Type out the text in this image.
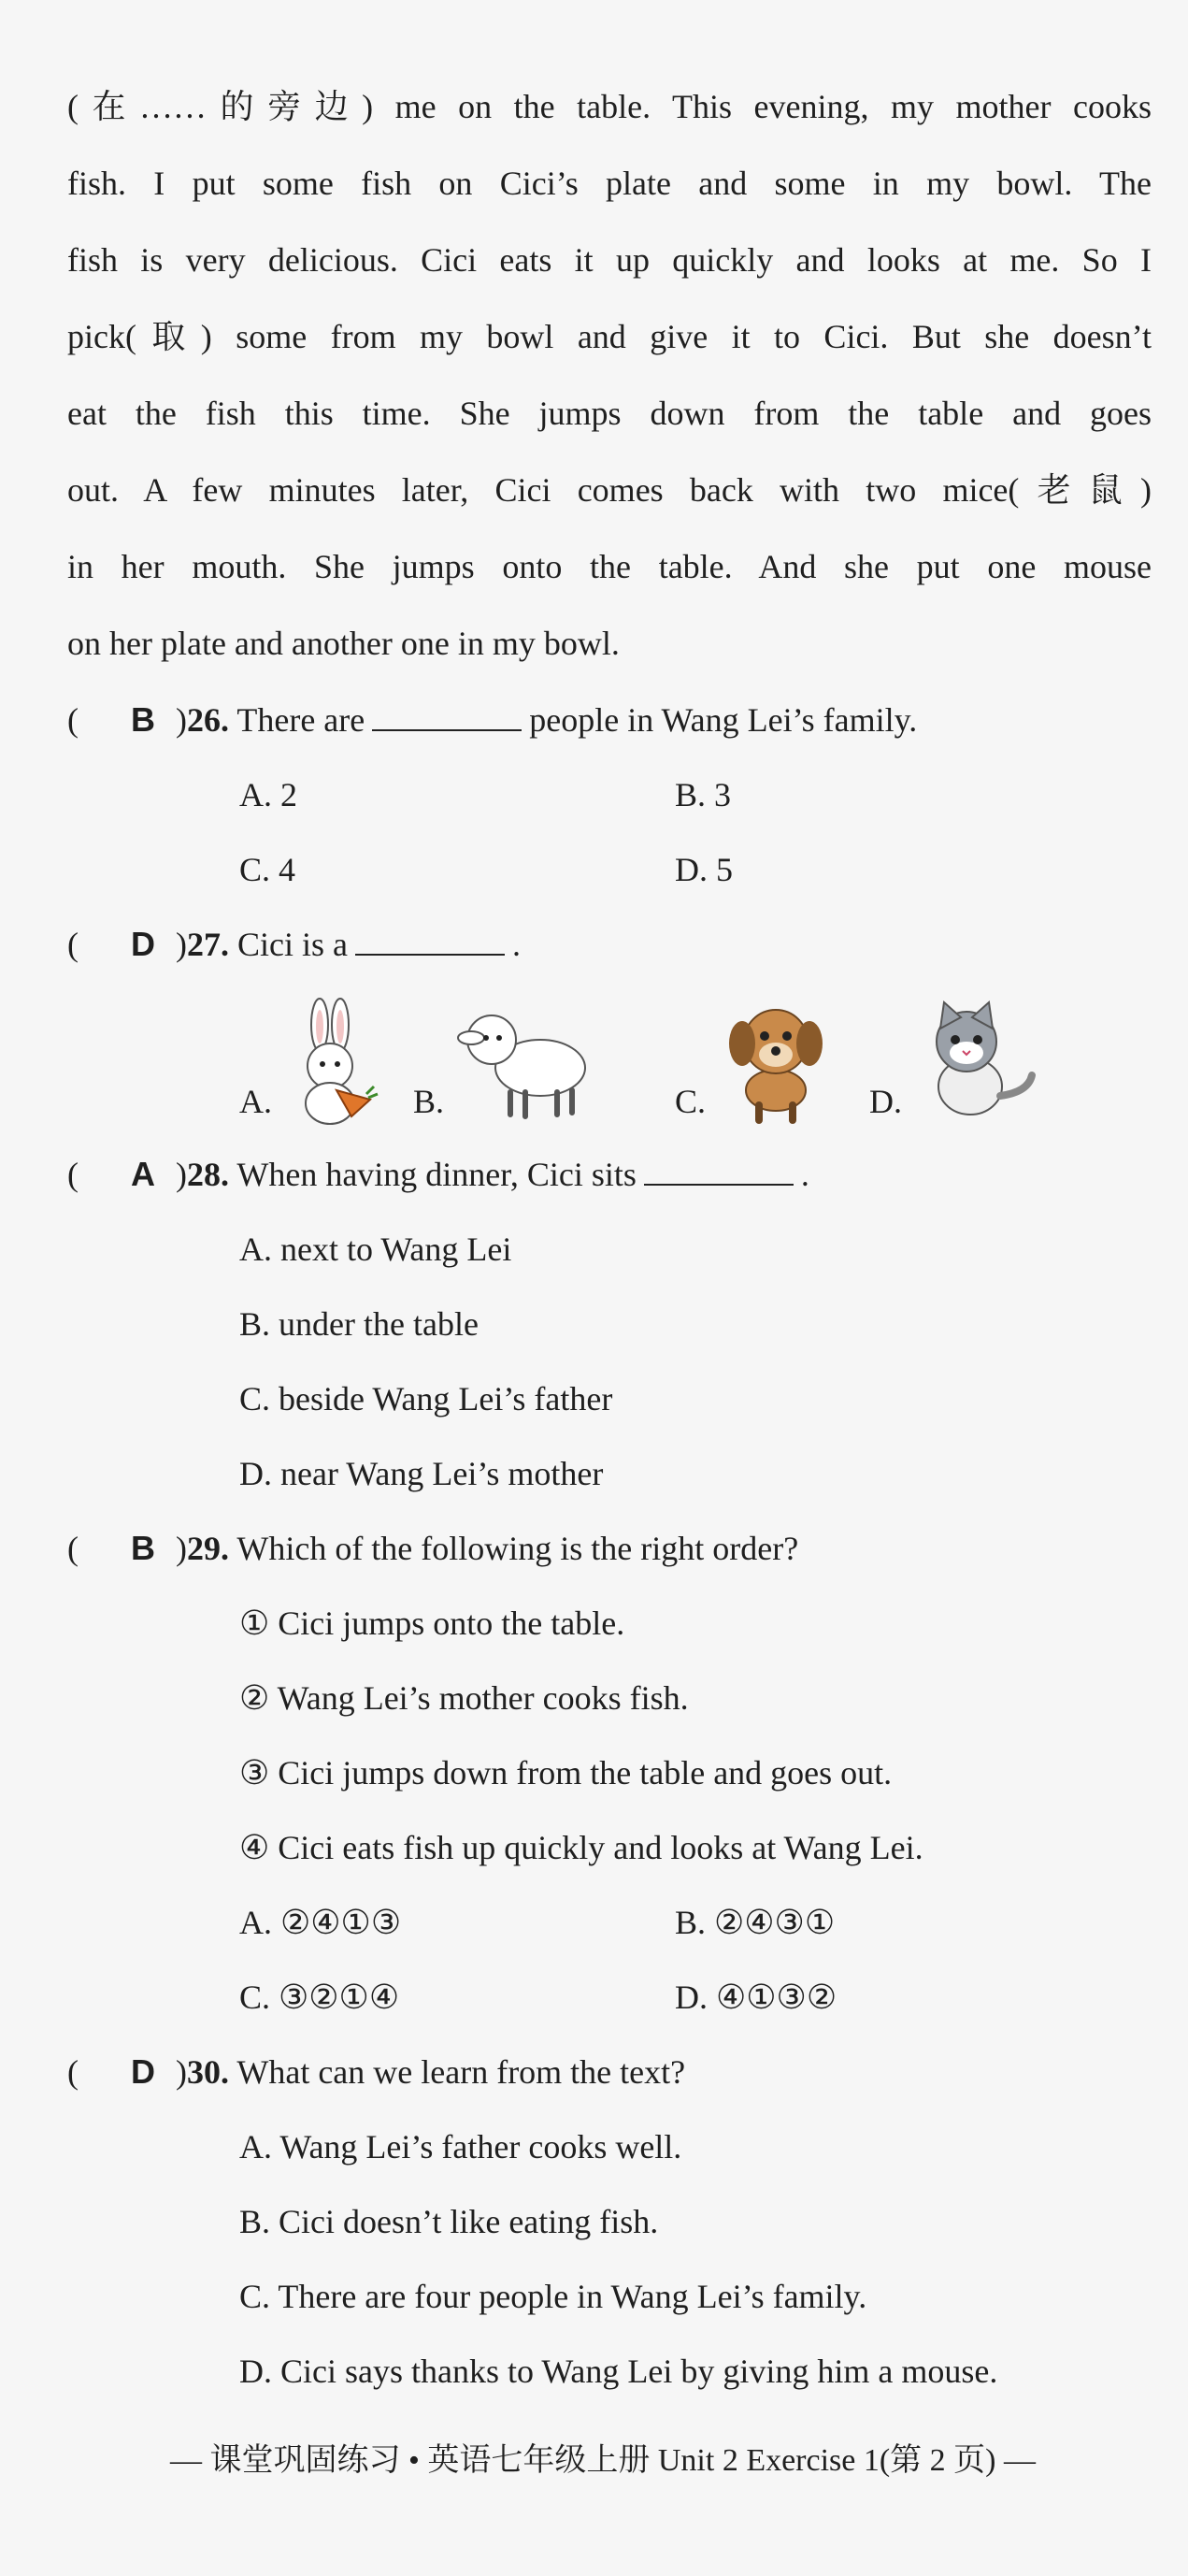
(在……的旁边) me on the table. This evening, my mother cooks
fish. I put some fish on Cici’s plate and some in my bowl. The
fish is very delicious. Cici eats it up quickly and looks at me. So I
pick(取) some from my bowl and give it to Cici. But she doesn’t
eat the fish this time. She jumps down from the table and goes
out. A few minutes later, Cici comes back with two mice(老鼠)
in her mouth. She jumps onto the table. And she put one mouse
on her plate and another one in my bowl.
( B )26. There are	people in Wang Lei’s family.
A. 2	B. 3
C. 4	D. 5
( D )27. Cici is a	.
A.	B.	C.	D.
( A )28. When having dinner, Cici sits	.
A. next to Wang Lei
B. under the table
C. beside Wang Lei’s father
D. near Wang Lei’s mother
( B )29. Which of the following is the right order?
① Cici jumps onto the table.
② Wang Lei’s mother cooks fish.
③ Cici jumps down from the table and goes out.
④ Cici eats fish up quickly and looks at Wang Lei.
A. ②④①③	B. ②④③①
C. ③②①④	D. ④①③②
( D )30. What can we learn from the text?
A. Wang Lei’s father cooks well.
B. Cici doesn’t like eating fish.
C. There are four people in Wang Lei’s family.
D. Cici says thanks to Wang Lei by giving him a mouse.
— 课堂巩固练习 • 英语七年级上册 Unit 2 Exercise 1(第 2 页) —
